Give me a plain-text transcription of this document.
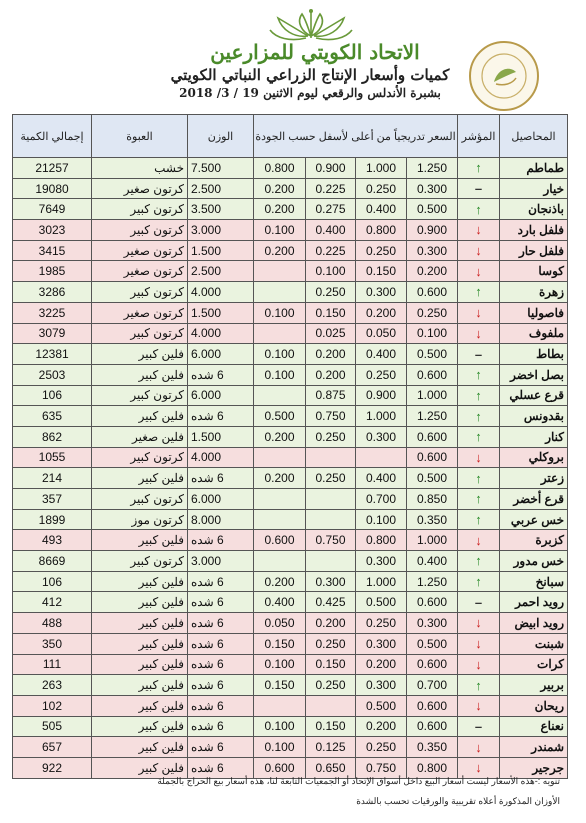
الاتحاد الكويتي للمزارعين
كميات وأسعار الإنتاج الزراعي النباتي الكويتي
بشبرة الأندلس والرقعي ليوم الاثنين 19 / 3/ 2018
المحاصيل	المؤشر	السعر تدريجياً من أعلى لأسفل حسب الجودة				الوزن	العبوة	إجمالي الكمية
طماطم	↑	1.250	1.000	0.900	0.800	7.500	خشب	21257
خيار	–	0.300	0.250	0.225	0.200	2.500	كرتون صغير	19080
باذنجان	↑	0.500	0.400	0.275	0.200	3.500	كرتون كبير	7649
فلفل بارد	↓	0.900	0.800	0.400	0.100	3.000	كرتون كبير	3023
فلفل حار	↓	0.300	0.250	0.225	0.200	1.500	كرتون صغير	3415
كوسا	↓	0.200	0.150	0.100		2.500	كرتون صغير	1985
زهرة	↑	0.600	0.300	0.250		4.000	كرتون كبير	3286
فاصوليا	↓	0.250	0.200	0.150	0.100	1.500	كرتون صغير	3225
ملفوف	↓	0.100	0.050	0.025		4.000	كرتون كبير	3079
بطاط	–	0.500	0.400	0.200	0.100	6.000	فلين كبير	12381
بصل اخضر	↑	0.600	0.250	0.200	0.100	6 شده	فلين كبير	2503
قرع عسلي	↑	1.000	0.900	0.875		6.000	كرتون كبير	106
بقدونس	↑	1.250	1.000	0.750	0.500	6 شده	فلين كبير	635
كنار	↑	0.600	0.300	0.250	0.200	1.500	فلين صغير	862
بروكلي	↓	0.600				4.000	كرتون كبير	1055
زعتر	↑	0.500	0.400	0.250	0.200	6 شده	فلين كبير	214
قرع أخضر	↑	0.850	0.700			6.000	كرتون كبير	357
خس عربي	↑	0.350	0.100			8.000	كرتون موز	1899
كزبرة	↓	1.000	0.800	0.750	0.600	6 شده	فلين كبير	493
خس مدور	↑	0.400	0.300			3.000	كرتون كبير	8669
سبانخ	↑	1.250	1.000	0.300	0.200	6 شده	فلين كبير	106
رويد احمر	–	0.600	0.500	0.425	0.400	6 شده	فلين كبير	412
رويد ابيض	↓	0.300	0.250	0.200	0.050	6 شده	فلين كبير	488
شبنت	↓	0.500	0.300	0.250	0.150	6 شده	فلين كبير	350
كرات	↓	0.600	0.200	0.150	0.100	6 شده	فلين كبير	111
بربير	↑	0.700	0.300	0.250	0.150	6 شده	فلين كبير	263
ريحان	↓	0.600	0.500			6 شده	فلين كبير	102
نعناع	–	0.600	0.200	0.150	0.100	6 شده	فلين كبير	505
شمندر	↓	0.350	0.250	0.125	0.100	6 شده	فلين كبير	657
جرجير	↓	0.800	0.750	0.650	0.600	6 شده	فلين كبير	922
تنويه :-هذه الأسعار ليست أسعار البيع داخل أسواق الإتحاد أو الجمعيات التابعة لنا، هذه أسعار بيع الحراج بالجملة
الأوزان المذكورة أعلاه تقريبية والورقيات تحسب بالشدة
